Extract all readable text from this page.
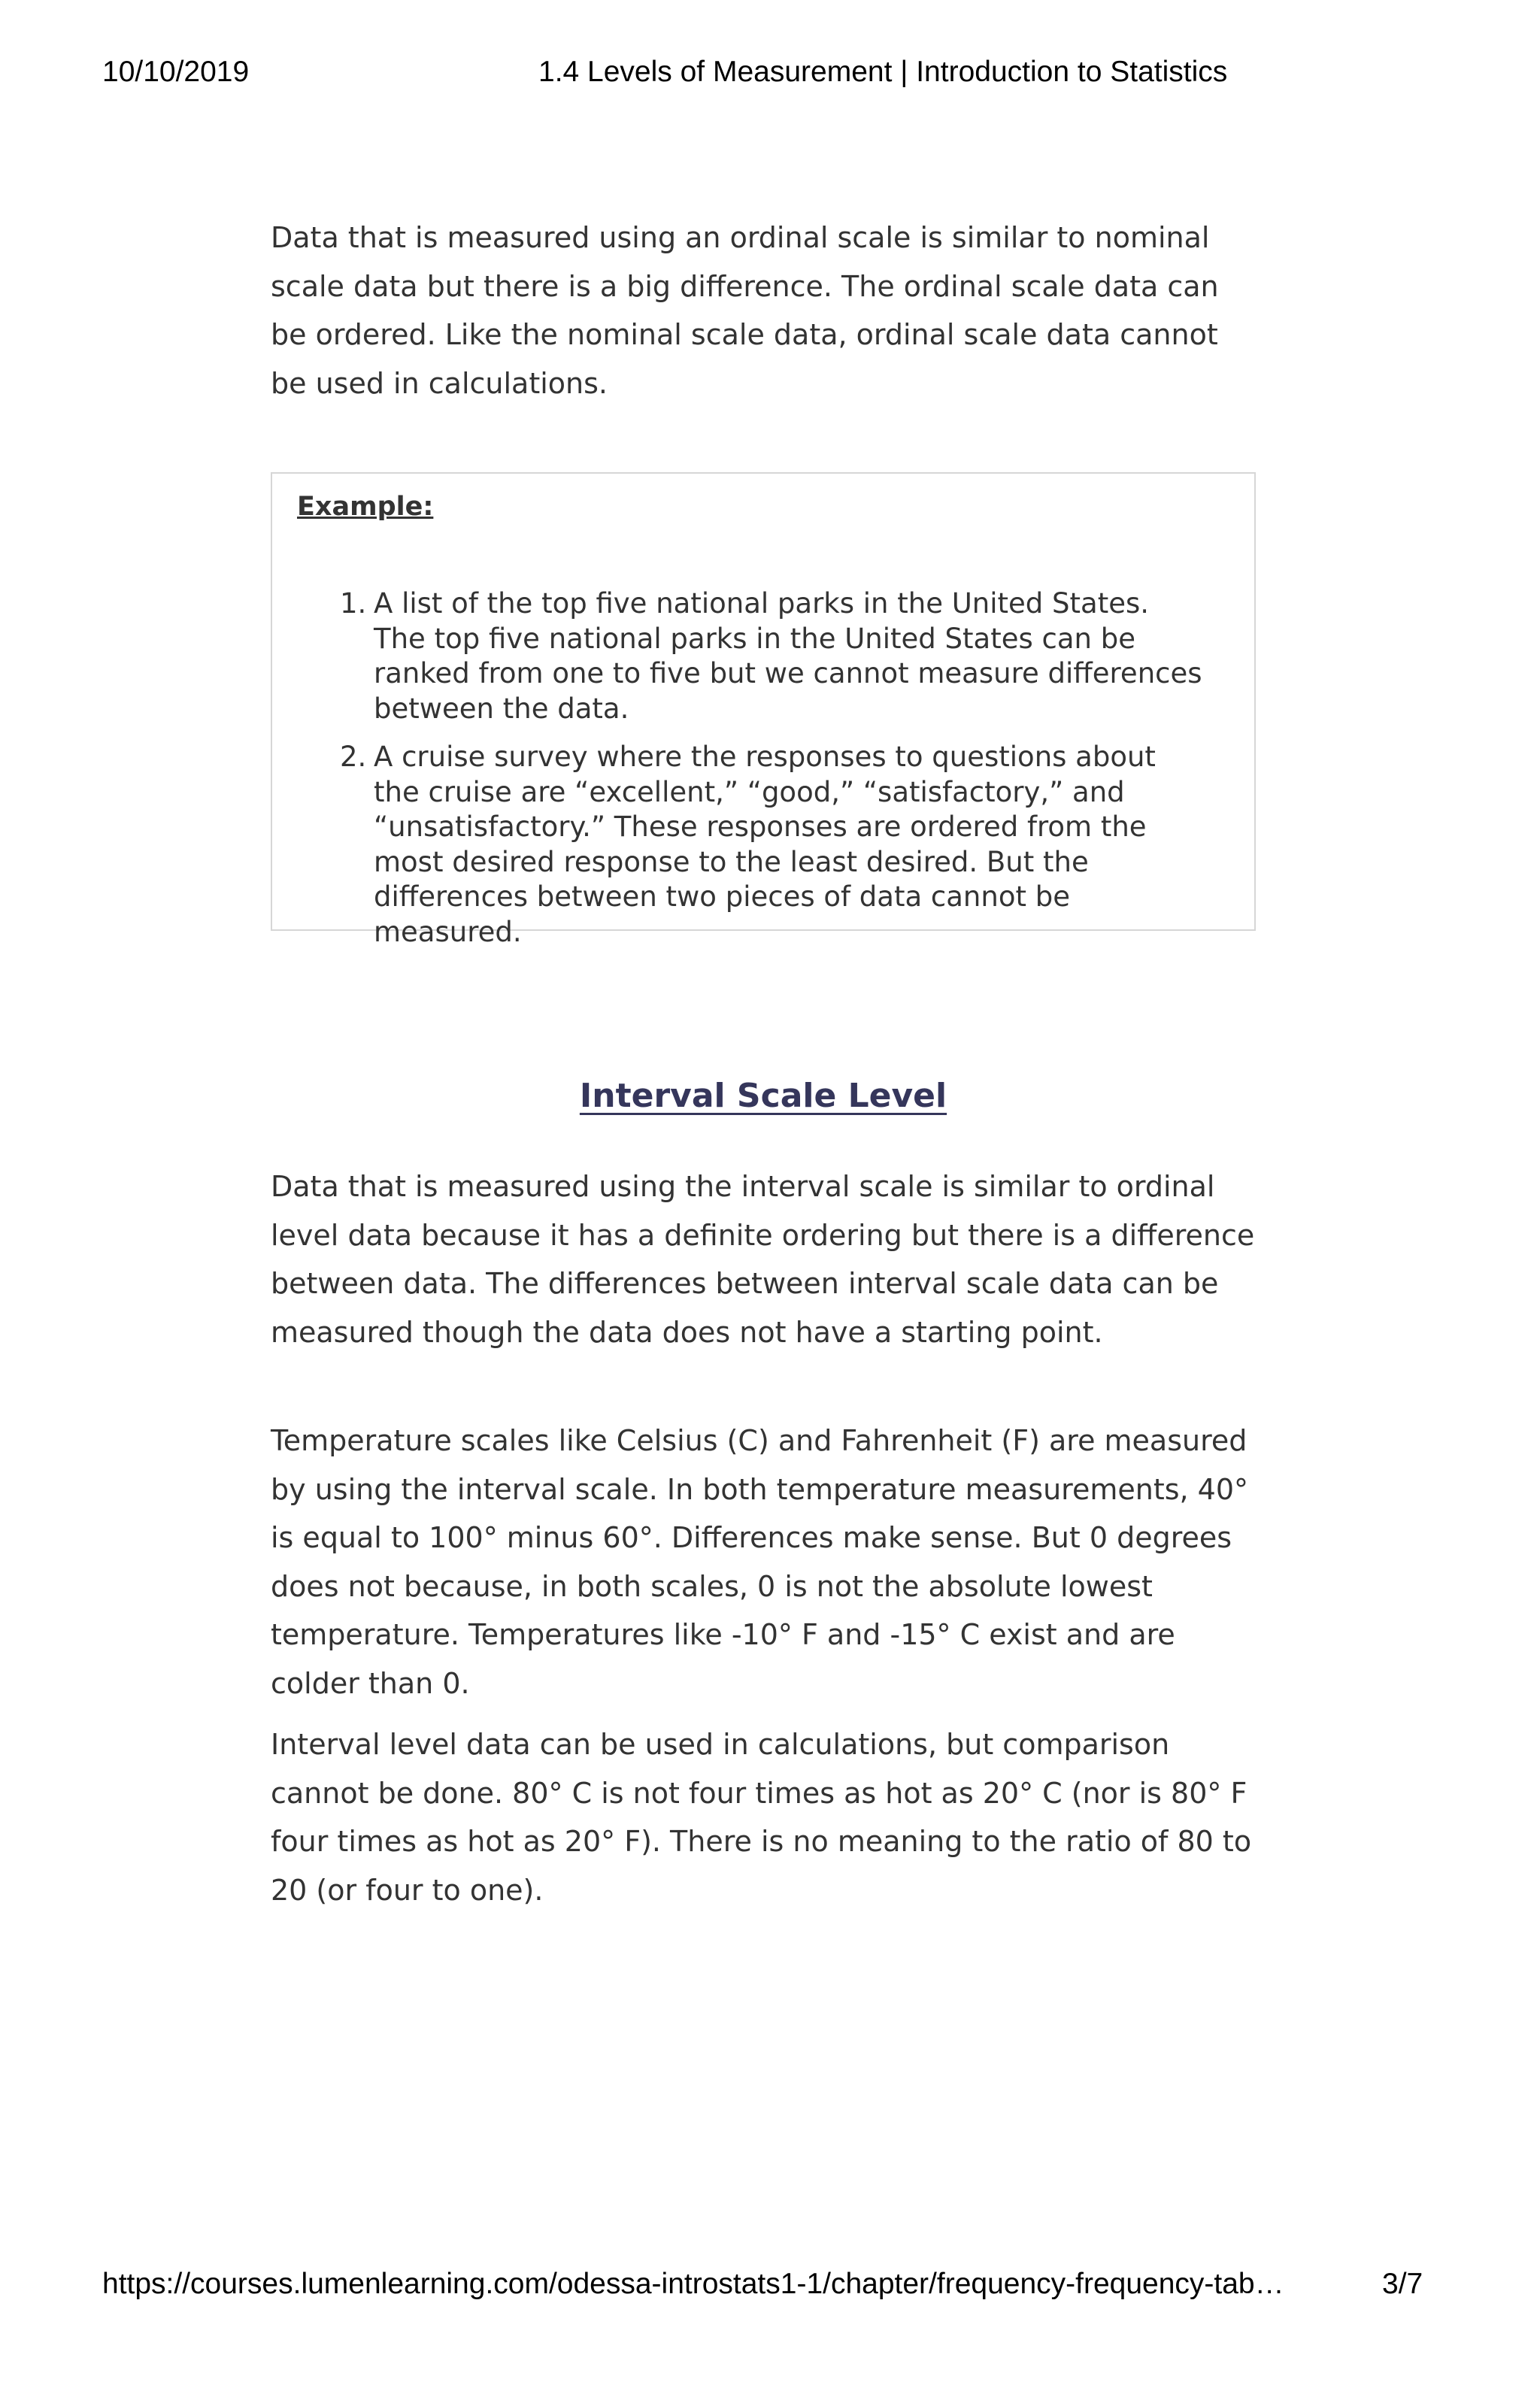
10/10/2019	1.4 Levels of Measurement | Introduction to Statistics

Data that is measured using an ordinal scale is similar to nominal scale data but there is a big difference. The ordinal scale data can be ordered. Like the nominal scale data, ordinal scale data cannot be used in calculations.

Example:
1. A list of the top five national parks in the United States. The top five national parks in the United States can be ranked from one to five but we cannot measure differences between the data.
2. A cruise survey where the responses to questions about the cruise are “excellent,” “good,” “satisfactory,” and “unsatisfactory.” These responses are ordered from the most desired response to the least desired. But the differences between two pieces of data cannot be measured.
Interval Scale Level

Data that is measured using the interval scale is similar to ordinal level data because it has a definite ordering but there is a difference between data. The differences between interval scale data can be measured though the data does not have a starting point.

Temperature scales like Celsius (C) and Fahrenheit (F) are measured by using the interval scale. In both temperature measurements, 40° is equal to 100° minus 60°. Differences make sense. But 0 degrees does not because, in both scales, 0 is not the absolute lowest temperature. Temperatures like -10° F and -15° C exist and are colder than 0.

Interval level data can be used in calculations, but comparison cannot be done. 80° C is not four times as hot as 20° C (nor is 80° F four times as hot as 20° F). There is no meaning to the ratio of 80 to 20 (or four to one).

https://courses.lumenlearning.com/odessa-introstats1-1/chapter/frequency-frequency-tab…	3/7
